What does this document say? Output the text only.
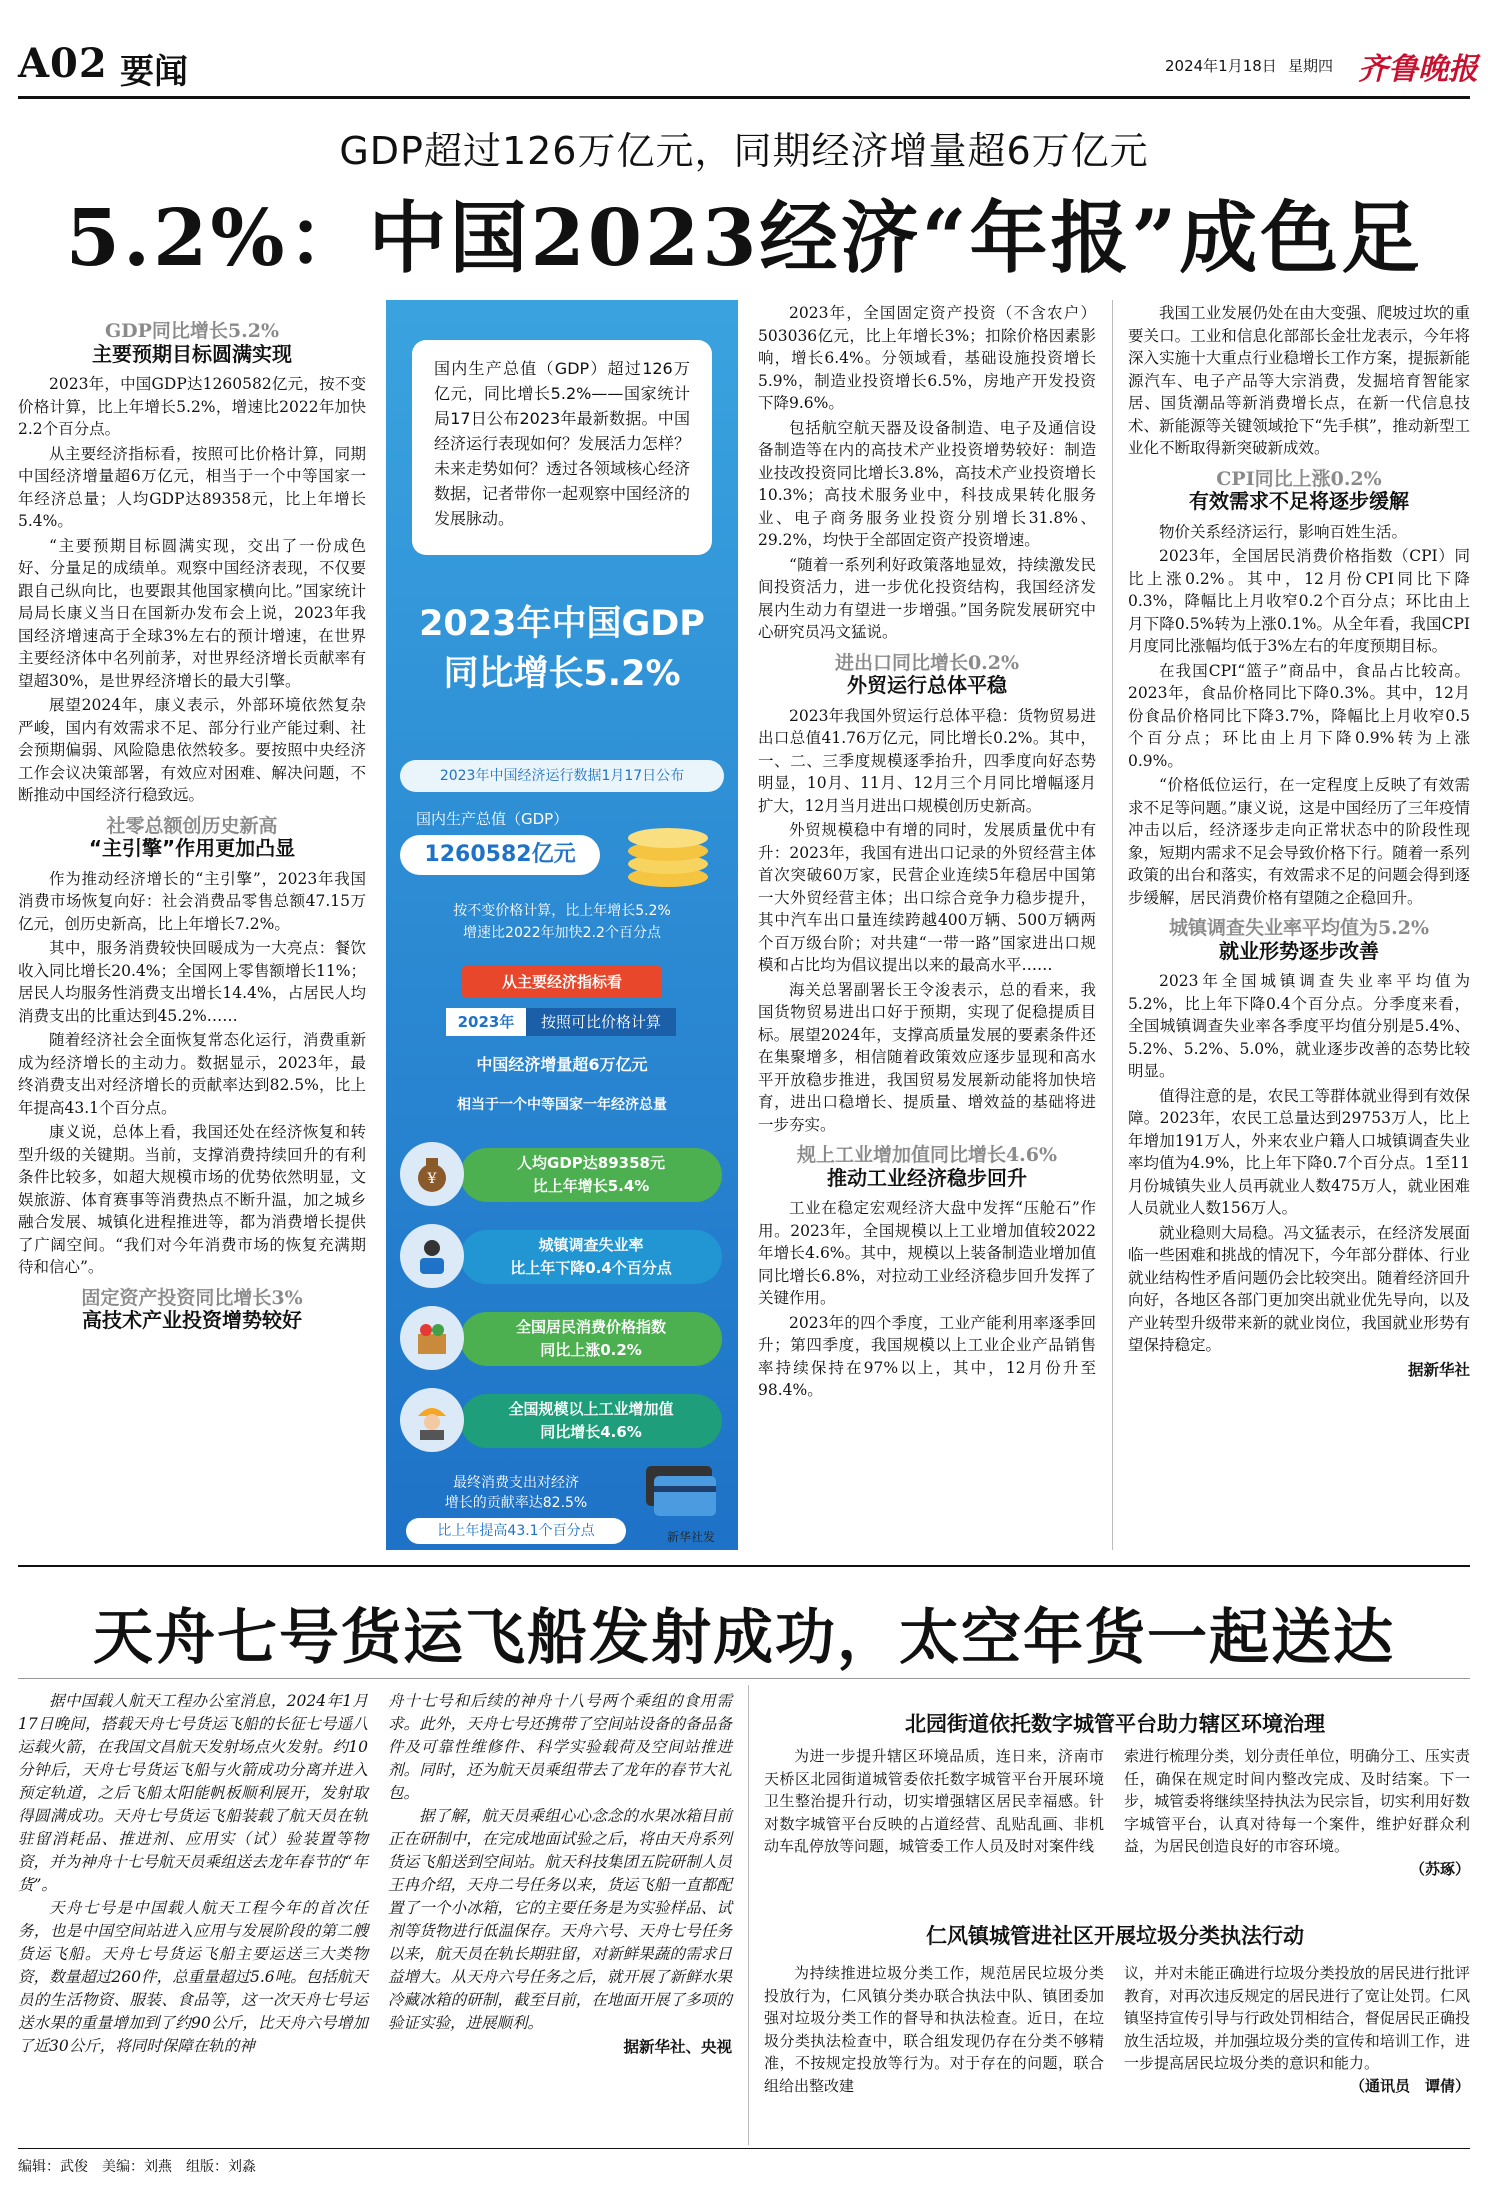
A02 要闻	2024年1月18日 星期四 齐鲁晚报
GDP超过126万亿元，同期经济增量超6万亿元
5.2%：中国2023经济“年报”成色足
GDP同比增长5.2%
主要预期目标圆满实现

2023年，中国GDP达1260582亿元，按不变价格计算，比上年增长5.2%，增速比2022年加快2.2个百分点。

从主要经济指标看，按照可比价格计算，同期中国经济增量超6万亿元，相当于一个中等国家一年经济总量；人均GDP达89358元，比上年增长5.4%。

“主要预期目标圆满实现，交出了一份成色好、分量足的成绩单。观察中国经济表现，不仅要跟自己纵向比，也要跟其他国家横向比。”国家统计局局长康义当日在国新办发布会上说，2023年我国经济增速高于全球3%左右的预计增速，在世界主要经济体中名列前茅，对世界经济增长贡献率有望超30%，是世界经济增长的最大引擎。

展望2024年，康义表示，外部环境依然复杂严峻，国内有效需求不足、部分行业产能过剩、社会预期偏弱、风险隐患依然较多。要按照中央经济工作会议决策部署，有效应对困难、解决问题，不断推动中国经济行稳致远。

社零总额创历史新高
“主引擎”作用更加凸显

作为推动经济增长的“主引擎”，2023年我国消费市场恢复向好：社会消费品零售总额47.15万亿元，创历史新高，比上年增长7.2%。

其中，服务消费较快回暖成为一大亮点：餐饮收入同比增长20.4%；全国网上零售额增长11%；居民人均服务性消费支出增长14.4%，占居民人均消费支出的比重达到45.2%……

随着经济社会全面恢复常态化运行，消费重新成为经济增长的主动力。数据显示，2023年，最终消费支出对经济增长的贡献率达到82.5%，比上年提高43.1个百分点。

康义说，总体上看，我国还处在经济恢复和转型升级的关键期。当前，支撑消费持续回升的有利条件比较多，如超大规模市场的优势依然明显，文娱旅游、体育赛事等消费热点不断升温，加之城乡融合发展、城镇化进程推进等，都为消费增长提供了广阔空间。“我们对今年消费市场的恢复充满期待和信心”。

固定资产投资同比增长3%
高技术产业投资增势较好
国内生产总值（GDP）超过126万亿元，同比增长5.2%——国家统计局17日公布2023年最新数据。中国经济运行表现如何？发展活力怎样？未来走势如何？透过各领域核心经济数据，记者带你一起观察中国经济的发展脉动。
2023年中国GDP
同比增长5.2%
2023年中国经济运行数据1月17日公布
国内生产总值（GDP）
1260582亿元
按不变价格计算，比上年增长5.2%
增速比2022年加快2.2个百分点
从主要经济指标看
2023年	按照可比价格计算
中国经济增量超6万亿元
相当于一个中等国家一年经济总量
人均GDP达89358元
比上年增长5.4%
¥
城镇调查失业率
比上年下降0.4个百分点
全国居民消费价格指数
同比上涨0.2%
全国规模以上工业增加值
同比增长4.6%
最终消费支出对经济
增长的贡献率达82.5%
比上年提高43.1个百分点	新华社发

2023年，全国固定资产投资（不含农户）503036亿元，比上年增长3%；扣除价格因素影响，增长6.4%。分领域看，基础设施投资增长5.9%，制造业投资增长6.5%，房地产开发投资下降9.6%。

包括航空航天器及设备制造、电子及通信设备制造等在内的高技术产业投资增势较好：制造业技改投资同比增长3.8%，高技术产业投资增长10.3%；高技术服务业中，科技成果转化服务业、电子商务服务业投资分别增长31.8%、29.2%，均快于全部固定资产投资增速。

“随着一系列利好政策落地显效，持续激发民间投资活力，进一步优化投资结构，我国经济发展内生动力有望进一步增强。”国务院发展研究中心研究员冯文猛说。

进出口同比增长0.2%
外贸运行总体平稳

2023年我国外贸运行总体平稳：货物贸易进出口总值41.76万亿元，同比增长0.2%。其中，一、二、三季度规模逐季抬升，四季度向好态势明显，10月、11月、12月三个月同比增幅逐月扩大，12月当月进出口规模创历史新高。

外贸规模稳中有增的同时，发展质量优中有升：2023年，我国有进出口记录的外贸经营主体首次突破60万家，民营企业连续5年稳居中国第一大外贸经营主体；出口综合竞争力稳步提升，其中汽车出口量连续跨越400万辆、500万辆两个百万级台阶；对共建“一带一路”国家进出口规模和占比均为倡议提出以来的最高水平……

海关总署副署长王令浚表示，总的看来，我国货物贸易进出口好于预期，实现了促稳提质目标。展望2024年，支撑高质量发展的要素条件还在集聚增多，相信随着政策效应逐步显现和高水平开放稳步推进，我国贸易发展新动能将加快培育，进出口稳增长、提质量、增效益的基础将进一步夯实。

规上工业增加值同比增长4.6%
推动工业经济稳步回升

工业在稳定宏观经济大盘中发挥“压舱石”作用。2023年，全国规模以上工业增加值较2022年增长4.6%。其中，规模以上装备制造业增加值同比增长6.8%，对拉动工业经济稳步回升发挥了关键作用。

2023年的四个季度，工业产能利用率逐季回升；第四季度，我国规模以上工业企业产品销售率持续保持在97%以上，其中，12月份升至98.4%。

我国工业发展仍处在由大变强、爬坡过坎的重要关口。工业和信息化部部长金壮龙表示，今年将深入实施十大重点行业稳增长工作方案，提振新能源汽车、电子产品等大宗消费，发掘培育智能家居、国货潮品等新消费增长点，在新一代信息技术、新能源等关键领域抢下“先手棋”，推动新型工业化不断取得新突破新成效。

CPI同比上涨0.2%
有效需求不足将逐步缓解

物价关系经济运行，影响百姓生活。

2023年，全国居民消费价格指数（CPI）同比上涨0.2%。其中，12月份CPI同比下降0.3%，降幅比上月收窄0.2个百分点；环比由上月下降0.5%转为上涨0.1%。从全年看，我国CPI月度同比涨幅均低于3%左右的年度预期目标。

在我国CPI“篮子”商品中，食品占比较高。2023年，食品价格同比下降0.3%。其中，12月份食品价格同比下降3.7%，降幅比上月收窄0.5个百分点；环比由上月下降0.9%转为上涨0.9%。

“价格低位运行，在一定程度上反映了有效需求不足等问题。”康义说，这是中国经历了三年疫情冲击以后，经济逐步走向正常状态中的阶段性现象，短期内需求不足会导致价格下行。随着一系列政策的出台和落实，有效需求不足的问题会得到逐步缓解，居民消费价格有望随之企稳回升。

城镇调查失业率平均值为5.2%
就业形势逐步改善

2023年全国城镇调查失业率平均值为5.2%，比上年下降0.4个百分点。分季度来看，全国城镇调查失业率各季度平均值分别是5.4%、5.2%、5.2%、5.0%，就业逐步改善的态势比较明显。

值得注意的是，农民工等群体就业得到有效保障。2023年，农民工总量达到29753万人，比上年增加191万人，外来农业户籍人口城镇调查失业率均值为4.9%，比上年下降0.7个百分点。1至11月份城镇失业人员再就业人数475万人，就业困难人员就业人数156万人。

就业稳则大局稳。冯文猛表示，在经济发展面临一些困难和挑战的情况下，今年部分群体、行业就业结构性矛盾问题仍会比较突出。随着经济回升向好，各地区各部门更加突出就业优先导向，以及产业转型升级带来新的就业岗位，我国就业形势有望保持稳定。

据新华社
天舟七号货运飞船发射成功，太空年货一起送达

据中国载人航天工程办公室消息，2024年1月17日晚间，搭载天舟七号货运飞船的长征七号遥八运载火箭，在我国文昌航天发射场点火发射。约10分钟后，天舟七号货运飞船与火箭成功分离并进入预定轨道，之后飞船太阳能帆板顺利展开，发射取得圆满成功。天舟七号货运飞船装载了航天员在轨驻留消耗品、推进剂、应用实（试）验装置等物资，并为神舟十七号航天员乘组送去龙年春节的“年货”。

天舟七号是中国载人航天工程今年的首次任务，也是中国空间站进入应用与发展阶段的第二艘货运飞船。天舟七号货运飞船主要运送三大类物资，数量超过260件，总重量超过5.6吨。包括航天员的生活物资、服装、食品等，这一次天舟七号运送水果的重量增加到了约90公斤，比天舟六号增加了近30公斤，将同时保障在轨的神

舟十七号和后续的神舟十八号两个乘组的食用需求。此外，天舟七号还携带了空间站设备的备品备件及可靠性维修件、科学实验载荷及空间站推进剂。同时，还为航天员乘组带去了龙年的春节大礼包。

据了解，航天员乘组心心念念的水果冰箱目前正在研制中，在完成地面试验之后，将由天舟系列货运飞船送到空间站。航天科技集团五院研制人员王冉介绍，天舟二号任务以来，货运飞船一直都配置了一个小冰箱，它的主要任务是为实验样品、试剂等货物进行低温保存。天舟六号、天舟七号任务以来，航天员在轨长期驻留，对新鲜果蔬的需求日益增大。从天舟六号任务之后，就开展了新鲜水果冷藏冰箱的研制，截至目前，在地面开展了多项的验证实验，进展顺利。

据新华社、央视
北园街道依托数字城管平台助力辖区环境治理

为进一步提升辖区环境品质，连日来，济南市天桥区北园街道城管委依托数字城管平台开展环境卫生整治提升行动，切实增强辖区居民幸福感。针对数字城管平台反映的占道经营、乱贴乱画、非机动车乱停放等问题，城管委工作人员及时对案件线

索进行梳理分类，划分责任单位，明确分工、压实责任，确保在规定时间内整改完成、及时结案。下一步，城管委将继续坚持执法为民宗旨，切实利用好数字城管平台，认真对待每一个案件，维护好群众利益，为居民创造良好的市容环境。

（苏琢）
仁风镇城管进社区开展垃圾分类执法行动

为持续推进垃圾分类工作，规范居民垃圾分类投放行为，仁风镇分类办联合执法中队、镇团委加强对垃圾分类工作的督导和执法检查。近日，在垃圾分类执法检查中，联合组发现仍存在分类不够精准，不按规定投放等行为。对于存在的问题，联合组给出整改建

议，并对未能正确进行垃圾分类投放的居民进行批评教育，对再次违反规定的居民进行了宽让处罚。仁风镇坚持宣传引导与行政处罚相结合，督促居民正确投放生活垃圾，并加强垃圾分类的宣传和培训工作，进一步提高居民垃圾分类的意识和能力。

（通讯员　谭倩）
编辑：武俊　美编：刘燕　组版：刘淼
